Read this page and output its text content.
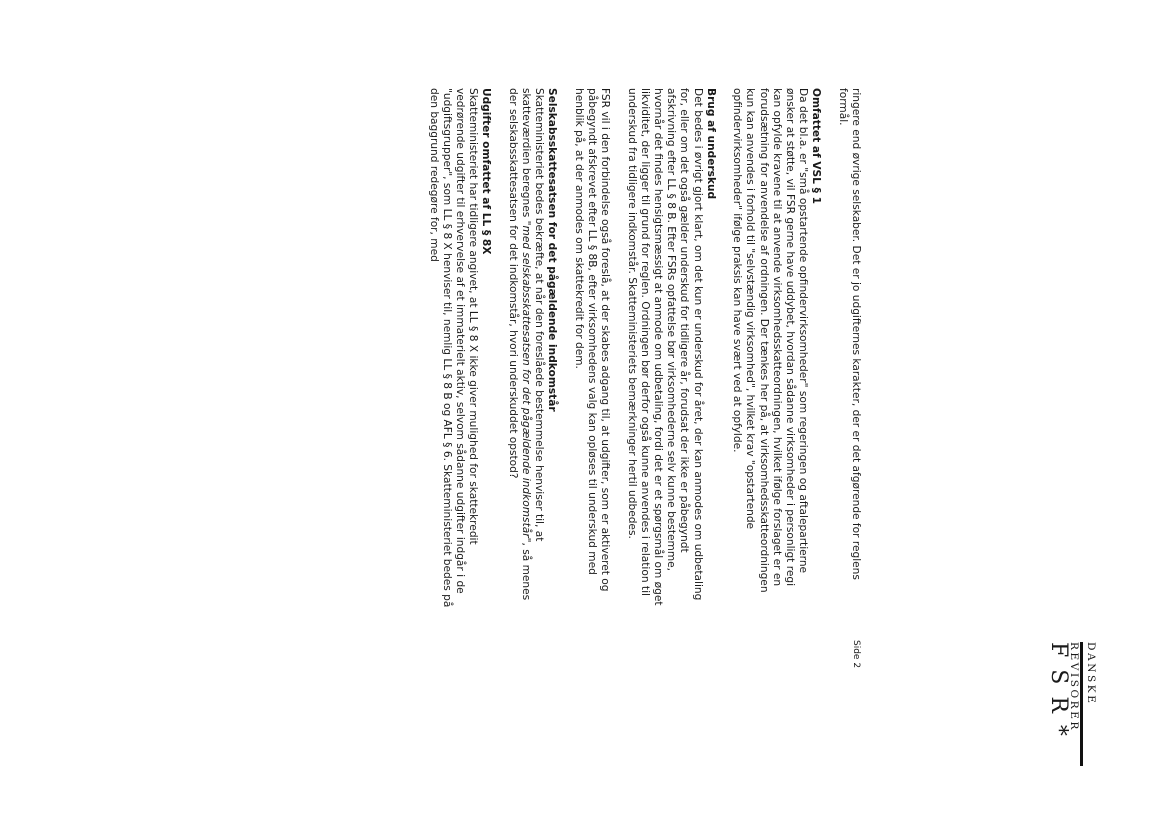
DANSKE
REVISORER
FSR*
Side 2

ringere end øvrige selskaber. Det er jo udgifternes karakter, der er det afgørende for reglens formål.

Omfattet af VSL § 1

Da det bl.a. er "små opstartende opfindervirksomheder" som regeringen og aftalepartierne ønsker at støtte, vil FSR gerne have uddybet, hvordan sådanne virksomheder i personligt regi kan opfylde kravene til at anvende virksomhedsskatteordningen, hvilket ifølge forslaget er en forudsætning for anvendelse af ordningen. Der tænkes her på, at virksomhedsskatteordningen kun kan anvendes i forhold til "selvstændig virksomhed", hvilket krav "opstartende opfindervirksomheder" ifølge praksis kan have svært ved at opfylde.

Brug af underskud

Det bedes i øvrigt gjort klart, om det kun er underskud for året, der kan anmodes om udbetaling for, eller om det også gælder underskud for tidligere år, forudsat der ikke er påbegyndt afskrivning efter LL § 8 B. Efter FSRs opfattelse bør virksomhederne selv kunne bestemme, hvornår det findes hensigtsmæssigt at anmode om udbetaling, fordi det er et spørgsmål om øget likviditet, der ligger til grund for reglen. Ordningen bør derfor også kunne anvendes i relation til underskud fra tidligere indkomstår. Skatteministeriets bemærkninger hertil udbedes.

FSR vil i den forbindelse også foreslå, at der skabes adgang til, at udgifter, som er aktiveret og påbegyndt afskrevet efter LL § 8B, efter virksomhedens valg kan opløses til underskud med henblik på, at der anmodes om skattekredit for dem.

Selskabsskattesatsen for det pågældende indkomstår

Skatteministeriet bedes bekræfte, at når den foreslåede bestemmelse henviser til, at skatteværdien beregnes "med selskabsskattesatsen for det pågældende indkomstår", så menes der selskabsskattesatsen for det indkomstår, hvori underskuddet opstod?

Udgifter omfattet af LL § 8X

Skatteministeriet har tidligere angivet, at LL § 8 X ikke giver mulighed for skattekredit vedrørende udgifter til erhvervelse af et immaterielt aktiv, selvom sådanne udgifter indgår i de "udgiftsgrupper", som LL § 8 X henviser til, nemlig LL § 8 B og AFL § 6. Skatteministeriet bedes på den baggrund redegøre for, med
